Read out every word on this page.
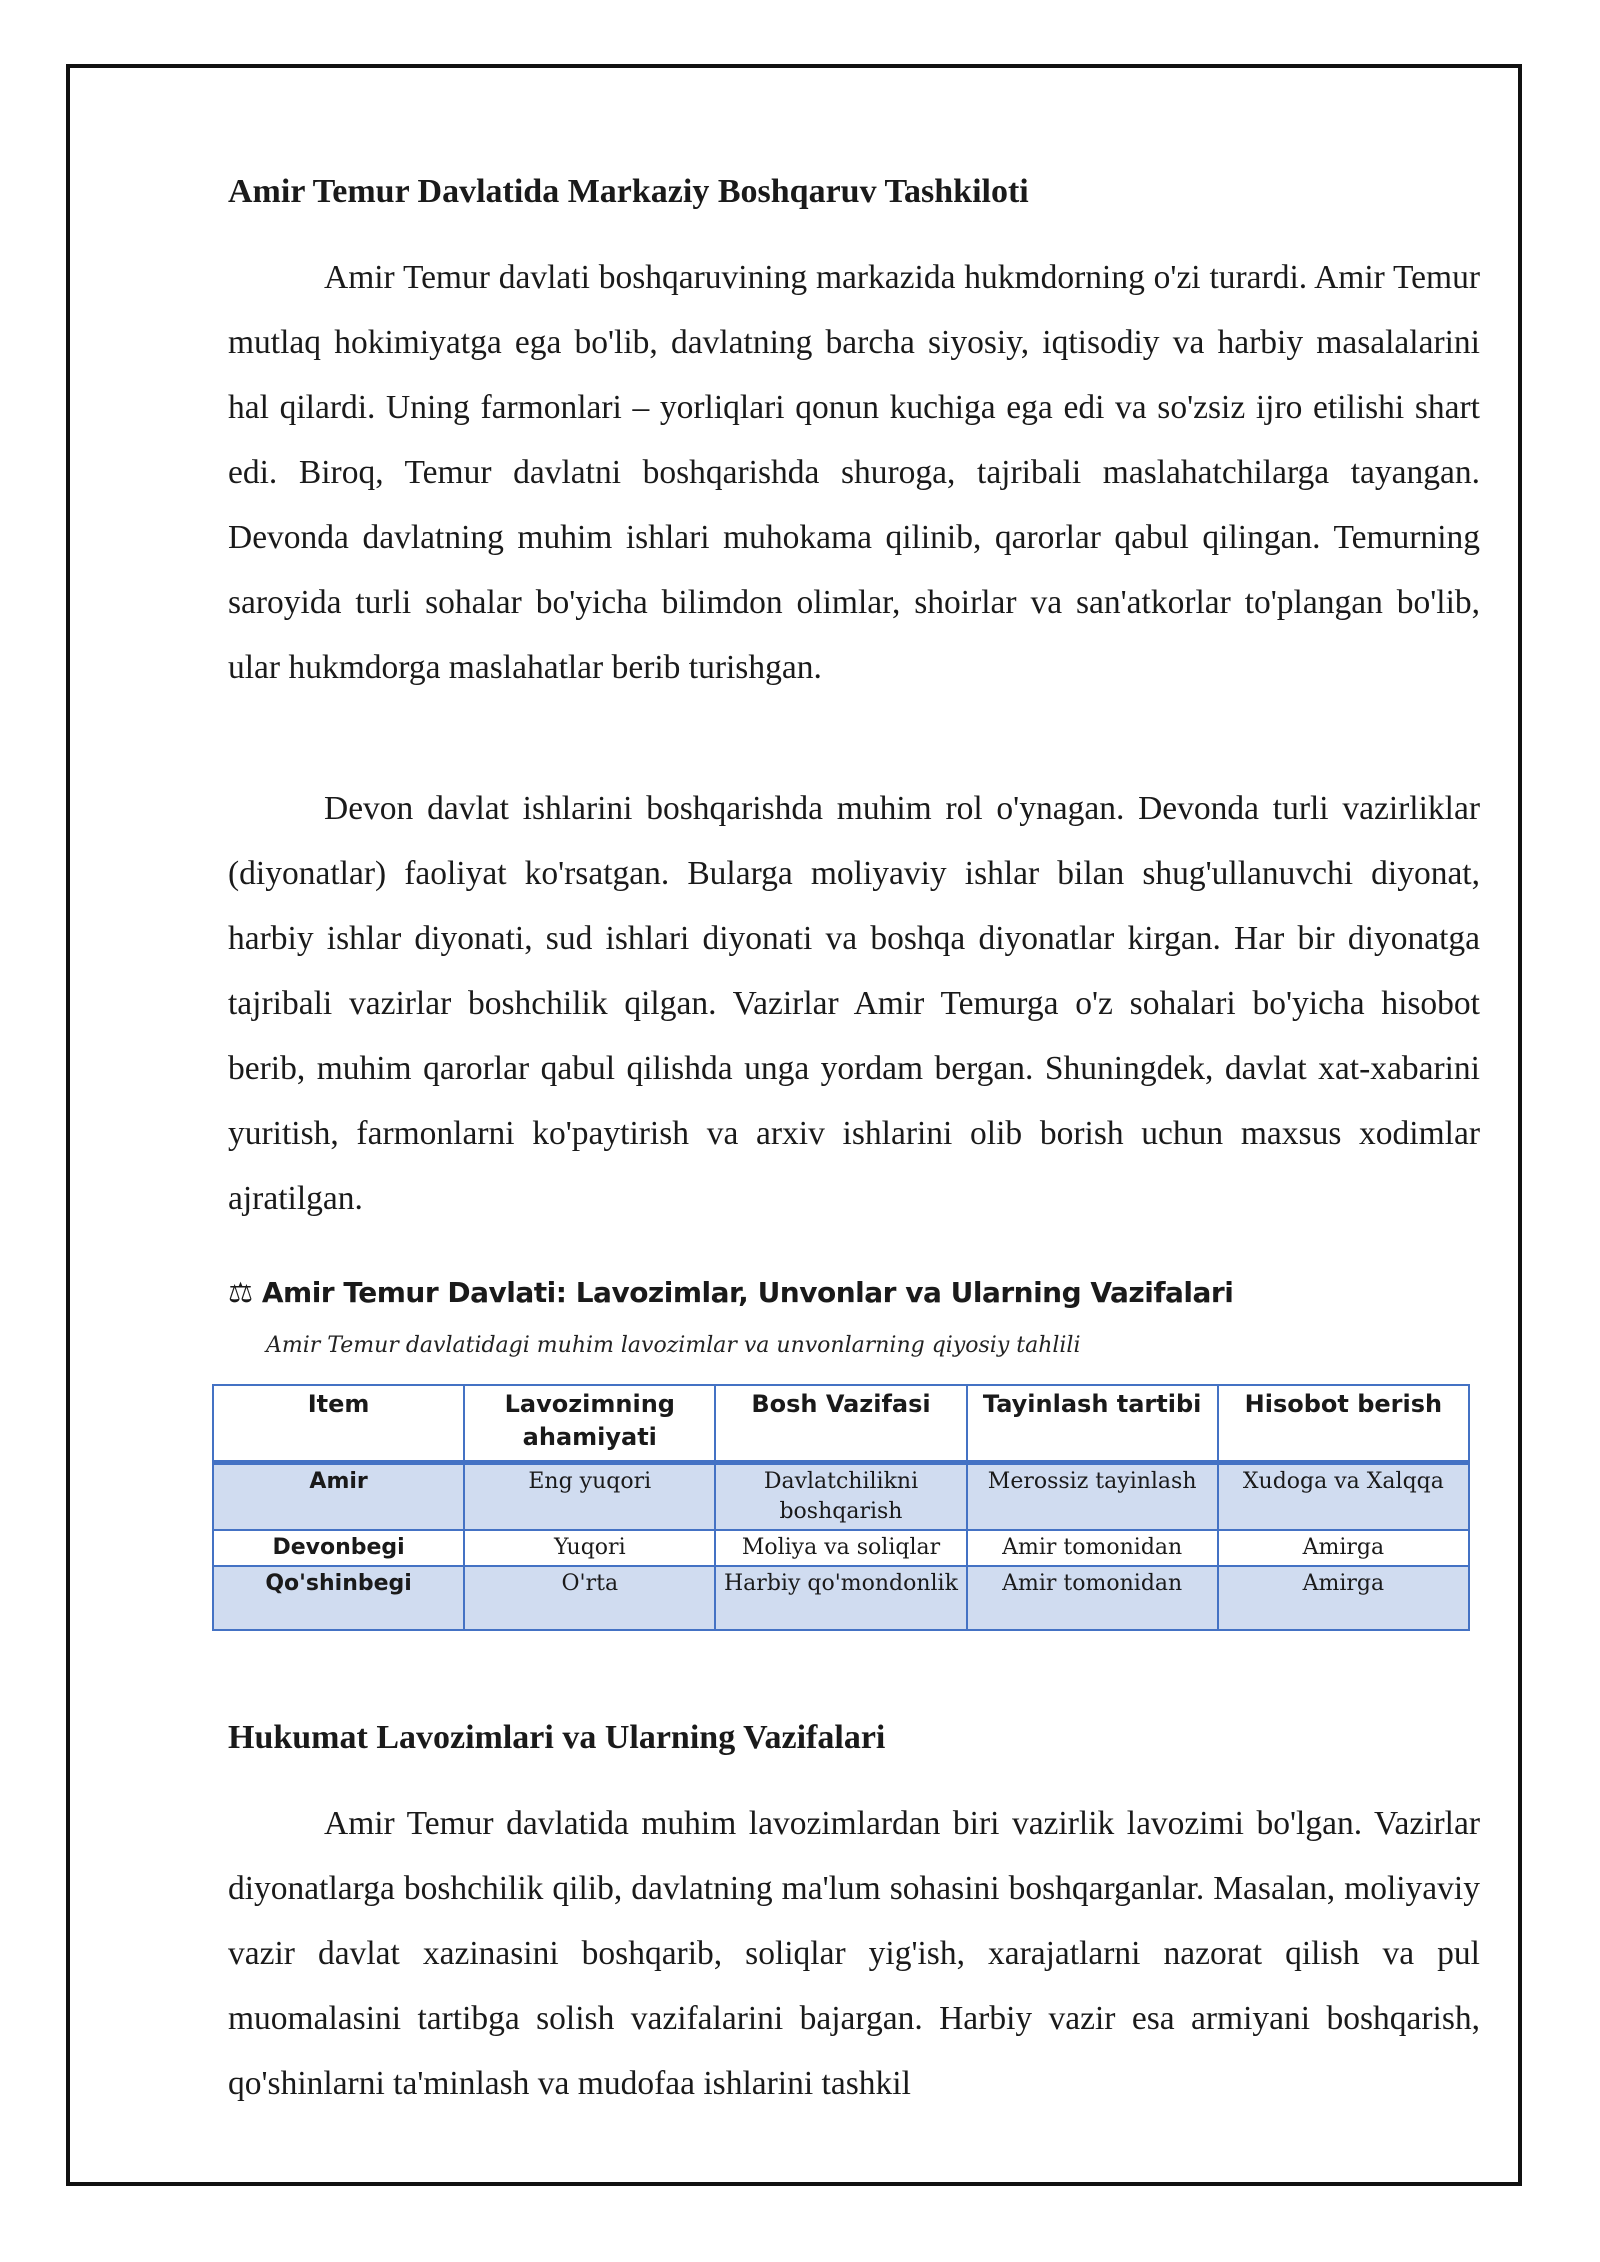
Amir Temur Davlatida Markaziy Boshqaruv Tashkiloti

Amir Temur davlati boshqaruvining markazida hukmdorning o'zi turardi. Amir Temur mutlaq hokimiyatga ega bo'lib, davlatning barcha siyosiy, iqtisodiy va harbiy masalalarini hal qilardi. Uning farmonlari – yorliqlari qonun kuchiga ega edi va so'zsiz ijro etilishi shart edi. Biroq, Temur davlatni boshqarishda shuroga, tajribali maslahatchilarga tayangan. Devonda davlatning muhim ishlari muhokama qilinib, qarorlar qabul qilingan. Temurning saroyida turli sohalar bo'yicha bilimdon olimlar, shoirlar va san'atkorlar to'plangan bo'lib, ular hukmdorga maslahatlar berib turishgan.

Devon davlat ishlarini boshqarishda muhim rol o'ynagan. Devonda turli vazirliklar (diyonatlar) faoliyat ko'rsatgan. Bularga moliyaviy ishlar bilan shug'ullanuvchi diyonat, harbiy ishlar diyonati, sud ishlari diyonati va boshqa diyonatlar kirgan. Har bir diyonatga tajribali vazirlar boshchilik qilgan. Vazirlar Amir Temurga o'z sohalari bo'yicha hisobot berib, muhim qarorlar qabul qilishda unga yordam bergan. Shuningdek, davlat xat-xabarini yuritish, farmonlarni ko'paytirish va arxiv ishlarini olib borish uchun maxsus xodimlar ajratilgan.

⚖ Amir Temur Davlati: Lavozimlar, Unvonlar va Ularning Vazifalari
Amir Temur davlatidagi muhim lavozimlar va unvonlarning qiyosiy tahlili
Item	Lavozimning ahamiyati	Bosh Vazifasi	Tayinlash tartibi	Hisobot berish
Amir	Eng yuqori	Davlatchilikni boshqarish	Merossiz tayinlash	Xudoga va Xalqqa
Devonbegi	Yuqori	Moliya va soliqlar	Amir tomonidan	Amirga
Qo'shinbegi	O'rta	Harbiy qo'mondonlik	Amir tomonidan	Amirga
Hukumat Lavozimlari va Ularning Vazifalari

Amir Temur davlatida muhim lavozimlardan biri vazirlik lavozimi bo'lgan. Vazirlar diyonatlarga boshchilik qilib, davlatning ma'lum sohasini boshqarganlar. Masalan, moliyaviy vazir davlat xazinasini boshqarib, soliqlar yig'ish, xarajatlarni nazorat qilish va pul muomalasini tartibga solish vazifalarini bajargan. Harbiy vazir esa armiyani boshqarish, qo'shinlarni ta'minlash va mudofaa ishlarini tashkil
